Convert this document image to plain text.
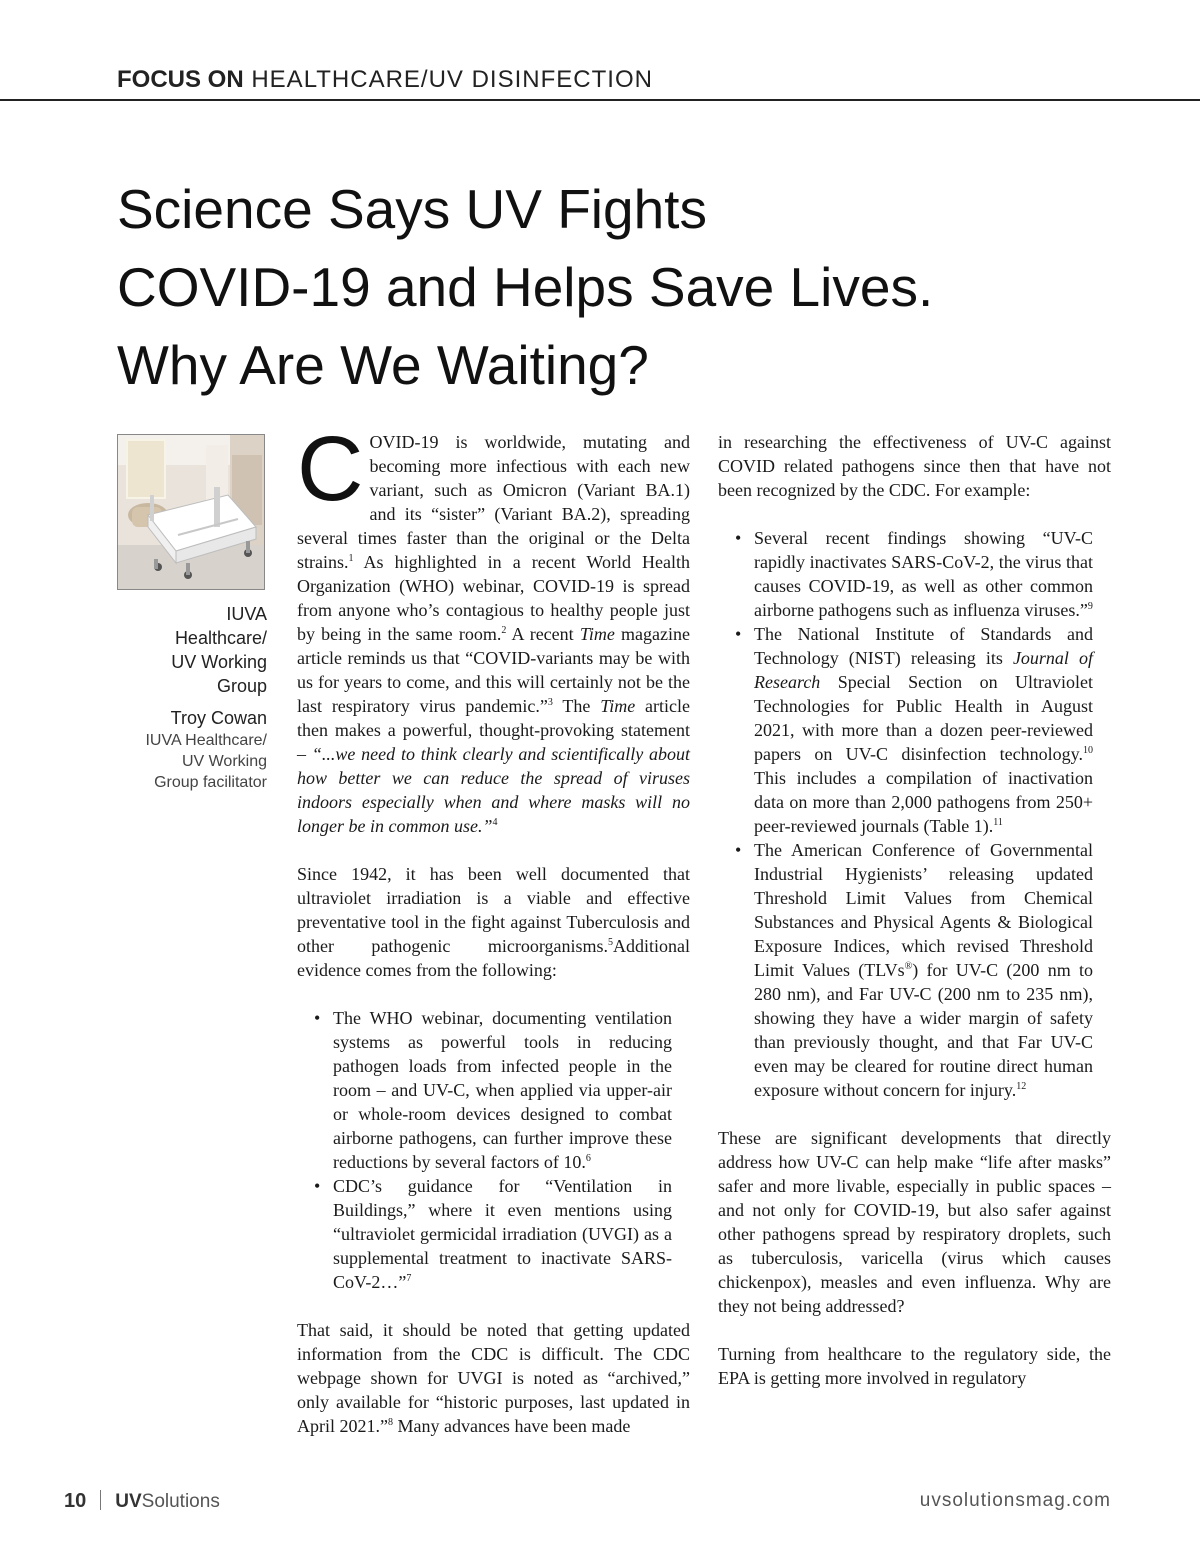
FOCUS ON HEALTHCARE/UV DISINFECTION
Science Says UV Fights
COVID-19 and Helps Save Lives.
Why Are We Waiting?

IUVA
Healthcare/
UV Working
Group

Troy Cowan

IUVA Healthcare/
UV Working
Group facilitator

COVID-19 is worldwide, mutating and becoming more infectious with each new variant, such as Omicron (Variant BA.1) and its “sister” (Variant BA.2), spreading several times faster than the original or the Delta strains.$^1$ As highlighted in a recent World Health Organization (WHO) webinar, COVID-19 is spread from anyone who’s contagious to healthy people just by being in the same room.$^2$ A recent Time magazine article reminds us that “COVID-variants may be with us for years to come, and this will certainly not be the last respiratory virus pandemic.”$^3$ The Time article then makes a powerful, thought-provoking statement – “...we need to think clearly and scientifically about how better we can reduce the spread of viruses indoors especially when and where masks will no longer be in common use.”$^4$

Since 1942, it has been well documented that ultraviolet irradiation is a viable and effective preventative tool in the fight against Tuberculosis and other pathogenic microorganisms.$^5$Additional evidence comes from the following:

• The WHO webinar, documenting ventilation systems as powerful tools in reducing pathogen loads from infected people in the room – and UV-C, when applied via upper-air or whole-room devices designed to combat airborne pathogens, can further improve these reductions by several factors of 10.$^6$
• CDC’s guidance for “Ventilation in Buildings,” where it even mentions using “ultraviolet germicidal irradiation (UVGI) as a supplemental treatment to inactivate SARS-CoV-2…”$^7$

That said, it should be noted that getting updated information from the CDC is difficult. The CDC webpage shown for UVGI is noted as “archived,” only available for “historic purposes, last updated in April 2021.”$^8$ Many advances have been made

in researching the effectiveness of UV-C against COVID related pathogens since then that have not been recognized by the CDC. For example:

• Several recent findings showing “UV-C rapidly inactivates SARS-CoV-2, the virus that causes COVID-19, as well as other common airborne pathogens such as influenza viruses.”$^9$
• The National Institute of Standards and Technology (NIST) releasing its Journal of Research Special Section on Ultraviolet Technologies for Public Health in August 2021, with more than a dozen peer-reviewed papers on UV-C disinfection technology.$^{10}$ This includes a compilation of inactivation data on more than 2,000 pathogens from 250+ peer-reviewed journals (Table 1).$^{11}$
• The American Conference of Governmental Industrial Hygienists’ releasing updated Threshold Limit Values from Chemical Substances and Physical Agents & Biological Exposure Indices, which revised Threshold Limit Values (TLVs®) for UV-C (200 nm to 280 nm), and Far UV-C (200 nm to 235 nm), showing they have a wider margin of safety than previously thought, and that Far UV-C even may be cleared for routine direct human exposure without concern for injury.$^{12}$

These are significant developments that directly address how UV-C can help make “life after masks” safer and more livable, especially in public spaces – and not only for COVID-19, but also safer against other pathogens spread by respiratory droplets, such as tuberculosis, varicella (virus which causes chickenpox), measles and even influenza. Why are they not being addressed?

Turning from healthcare to the regulatory side, the EPA is getting more involved in regulatory

10 UVSolutions	uvsolutionsmag.com
